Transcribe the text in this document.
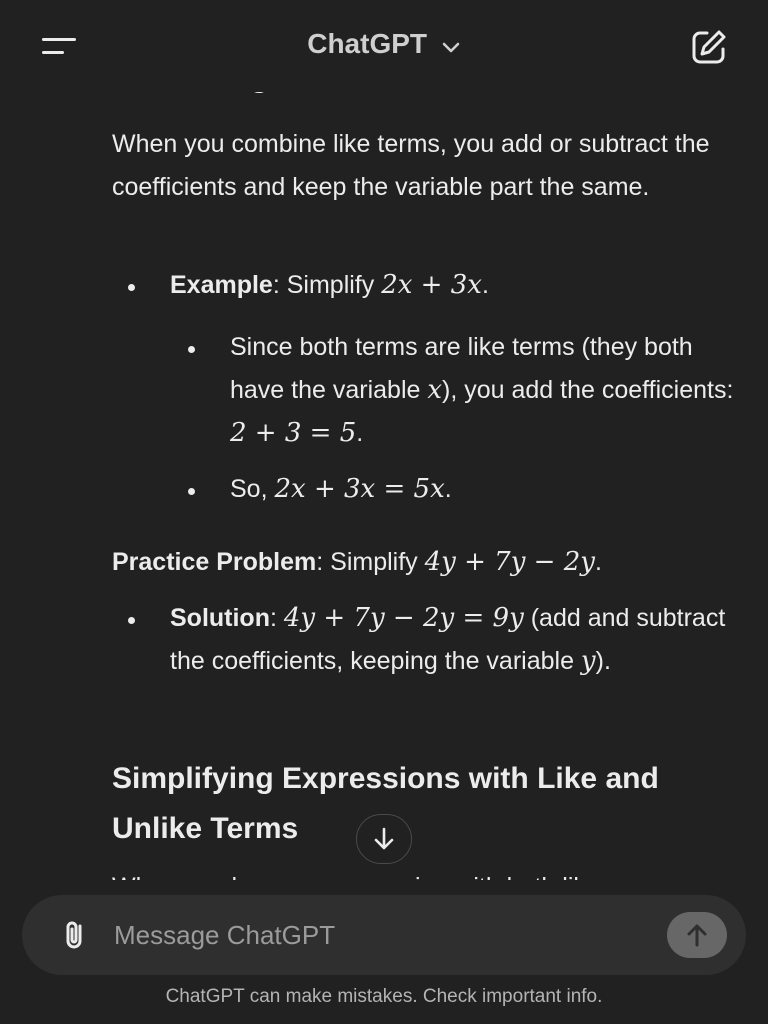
When you combine like terms, you add or subtract the coefficients and keep the variable part the same.

Example: Simplify 2x + 3x.
Since both terms are like terms (they both have the variable x), you add the coefficients: 2 + 3 = 5.
So, 2x + 3x = 5x.

Practice Problem: Simplify 4y + 7y − 2y.

Solution: 4y + 7y − 2y = 9y (add and subtract the coefficients, keeping the variable y).
Simplifying Expressions with Like and Unlike Terms

ChatGPT
Message ChatGPT
ChatGPT can make mistakes. Check important info.
